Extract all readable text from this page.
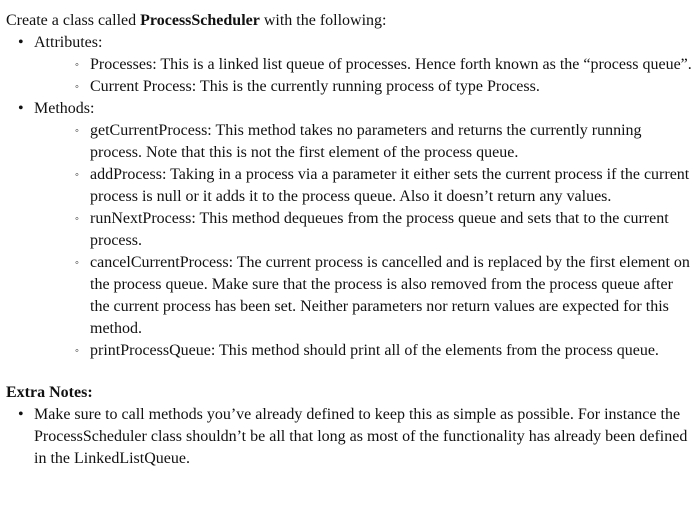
Create a class called ProcessScheduler with the following:

• Attributes:
◦ Processes: This is a linked list queue of processes. Hence forth known as the “process queue”.
◦ Current Process: This is the currently running process of type Process.
• Methods:
◦ getCurrentProcess: This method takes no parameters and returns the currently running process. Note that this is not the first element of the process queue.
◦ addProcess: Taking in a process via a parameter it either sets the current process if the current process is null or it adds it to the process queue. Also it doesn’t return any values.
◦ runNextProcess: This method dequeues from the process queue and sets that to the current process.
◦ cancelCurrentProcess: The current process is cancelled and is replaced by the first element on the process queue. Make sure that the process is also removed from the process queue after the current process has been set. Neither parameters nor return values are expected for this method.
◦ printProcessQueue: This method should print all of the elements from the process queue.

Extra Notes:

• Make sure to call methods you’ve already defined to keep this as simple as possible. For instance the ProcessScheduler class shouldn’t be all that long as most of the functionality has already been defined in the LinkedListQueue.
